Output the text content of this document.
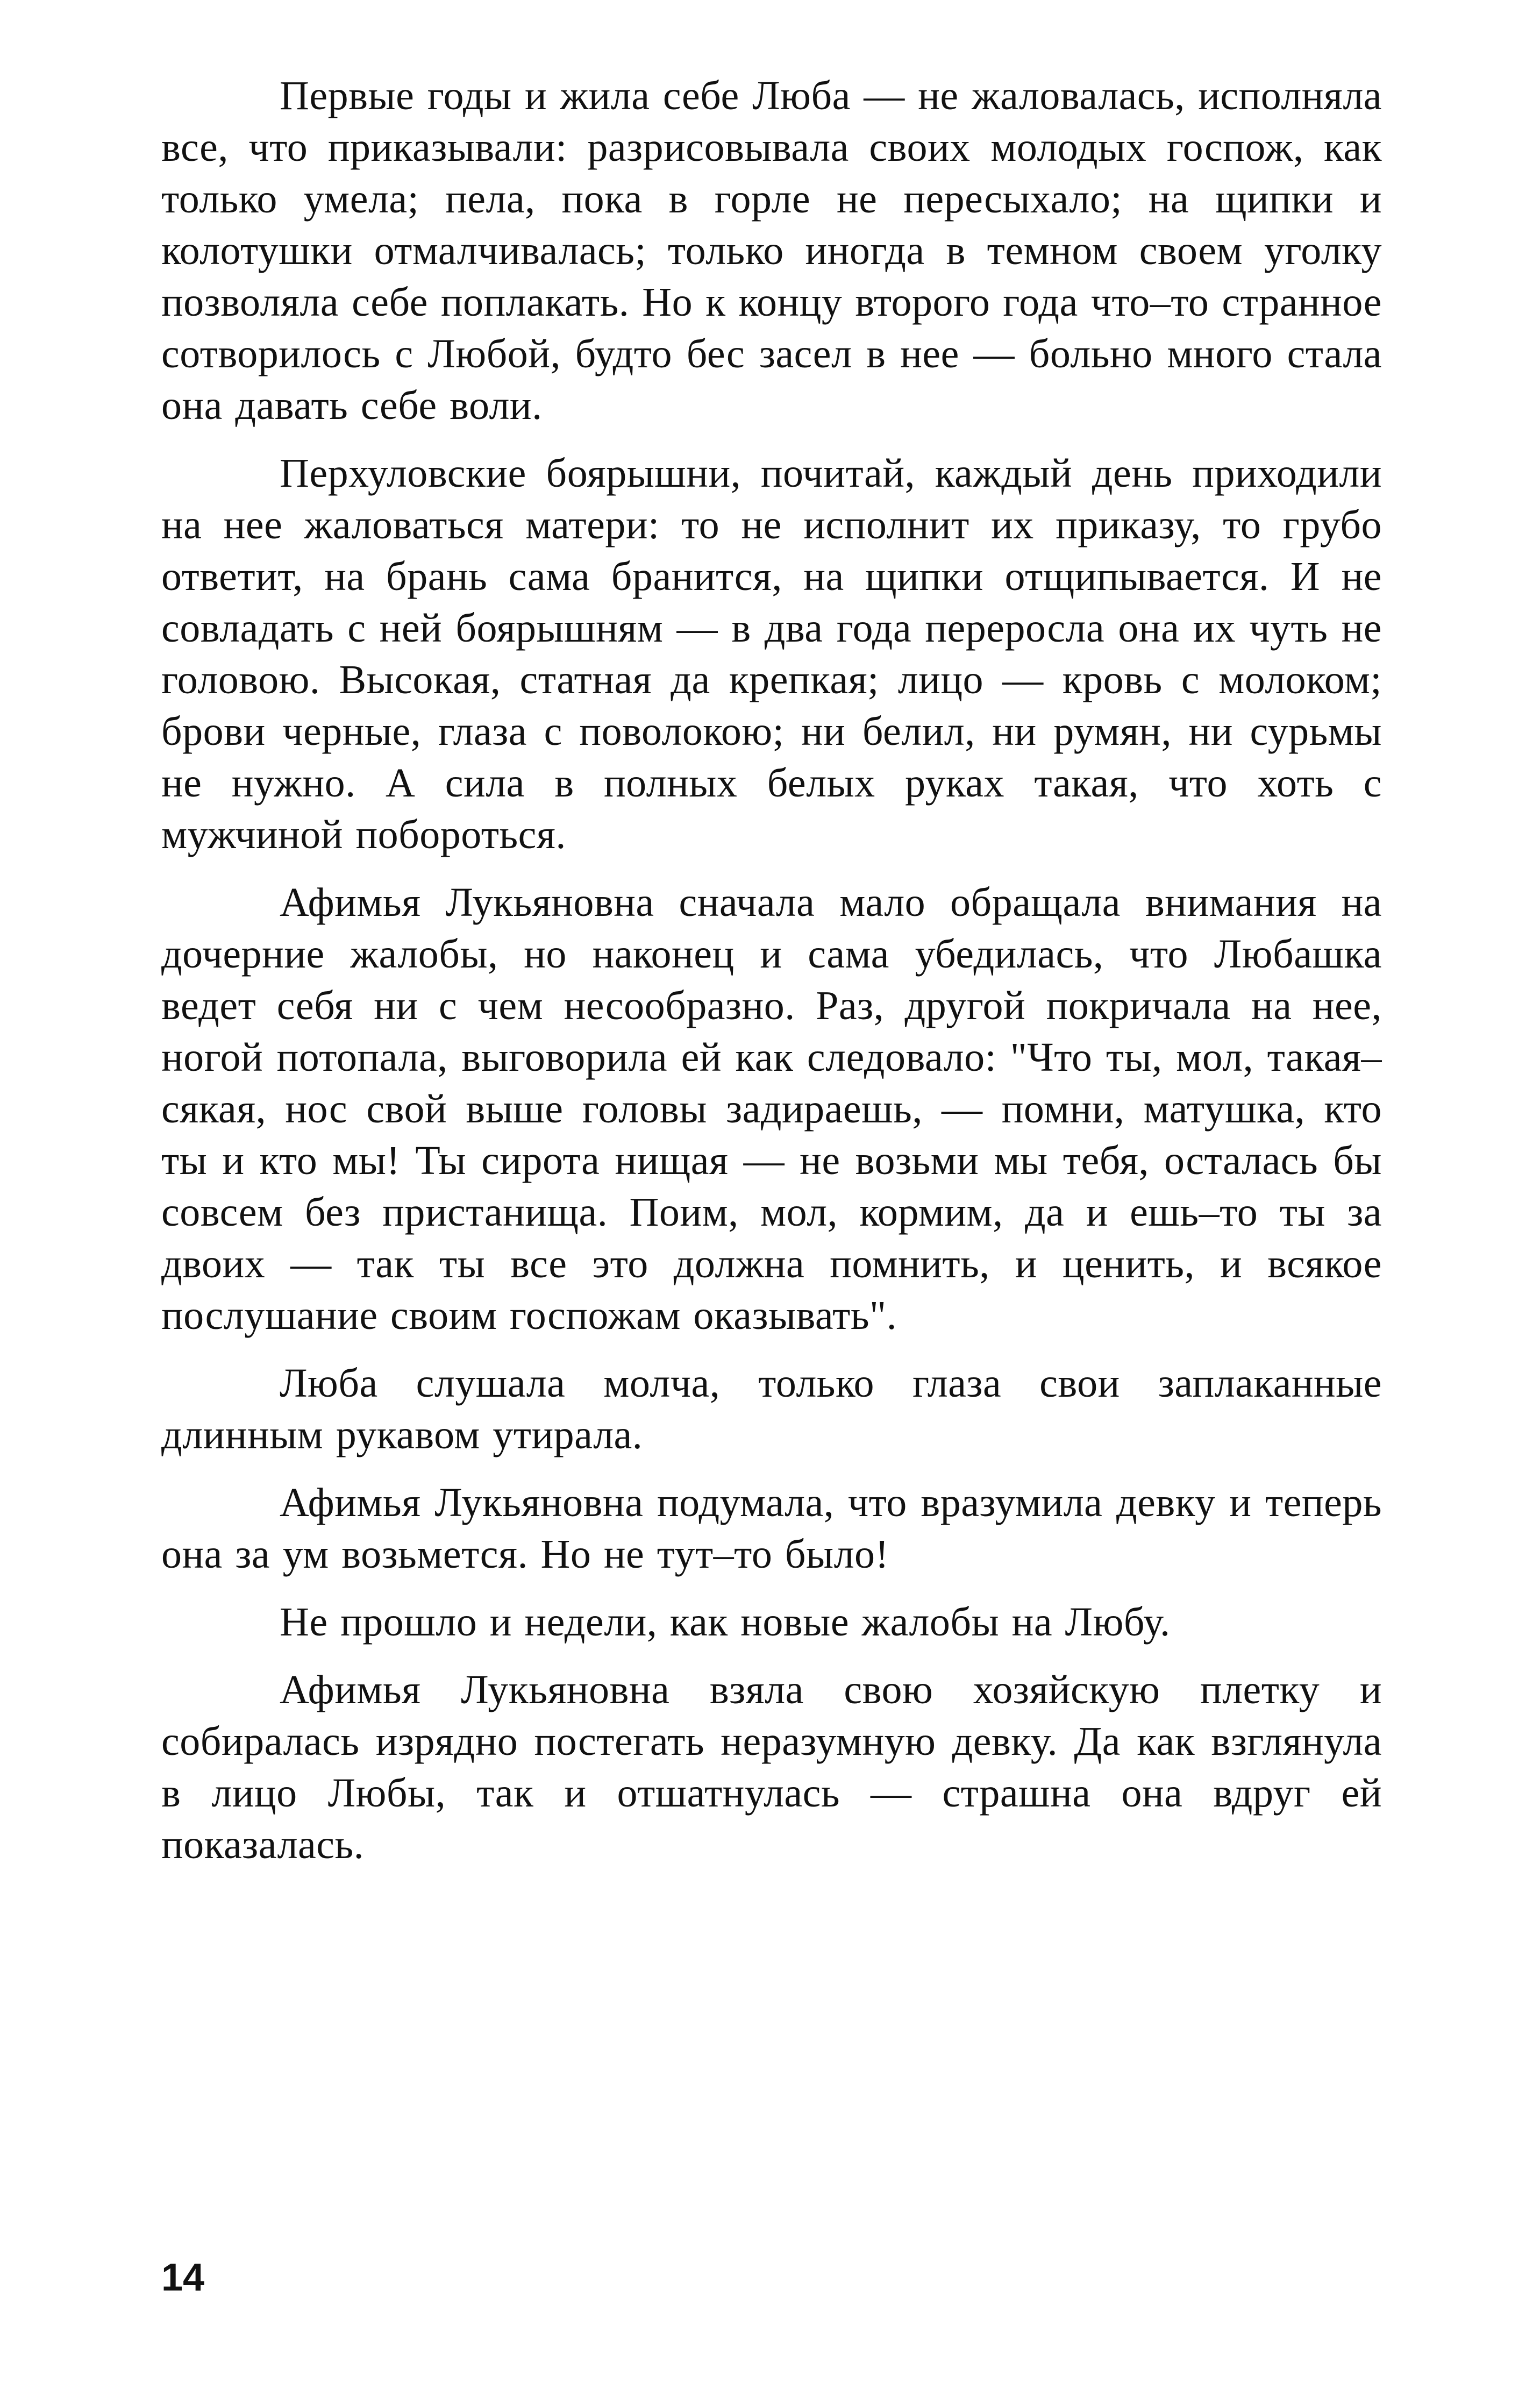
Первые годы и жила себе Люба — не жаловалась, исполняла все, что приказывали: разрисовывала своих молодых госпож, как только умела; пела, пока в горле не пересыхало; на щипки и колотушки отмалчивалась; только иногда в темном своем уголку позволяла себе поплакать. Но к концу второго года что–то странное сотворилось с Любой, будто бес засел в нее — больно много стала она давать себе воли.

Перхуловские боярышни, почитай, каждый день приходили на нее жаловаться матери: то не исполнит их приказу, то грубо ответит, на брань сама бранится, на щипки отщипывается. И не совладать с ней боярышням — в два года переросла она их чуть не головою. Высокая, статная да крепкая; лицо — кровь с молоком; брови черные, глаза с поволокою; ни белил, ни румян, ни сурьмы не нужно. А сила в полных белых руках такая, что хоть с мужчиной побороться.

Афимья Лукьяновна сначала мало обращала внимания на дочерние жалобы, но наконец и сама убедилась, что Любашка ведет себя ни с чем несообразно. Раз, другой покричала на нее, ногой потопала, выговорила ей как следовало: "Что ты, мол, такая–сякая, нос свой выше головы задираешь, — помни, матушка, кто ты и кто мы! Ты сирота нищая — не возьми мы тебя, осталась бы совсем без пристанища. Поим, мол, кормим, да и ешь–то ты за двоих — так ты все это должна помнить, и ценить, и всякое послушание своим госпожам оказывать".

Люба слушала молча, только глаза свои заплаканные длинным рукавом утирала.

Афимья Лукьяновна подумала, что вразумила девку и теперь она за ум возьмется. Но не тут–то было!

Не прошло и недели, как новые жалобы на Любу.

Афимья Лукьяновна взяла свою хозяйскую плетку и собиралась изрядно постегать неразумную девку. Да как взглянула в лицо Любы, так и отшатнулась — страшна она вдруг ей показалась.

14
